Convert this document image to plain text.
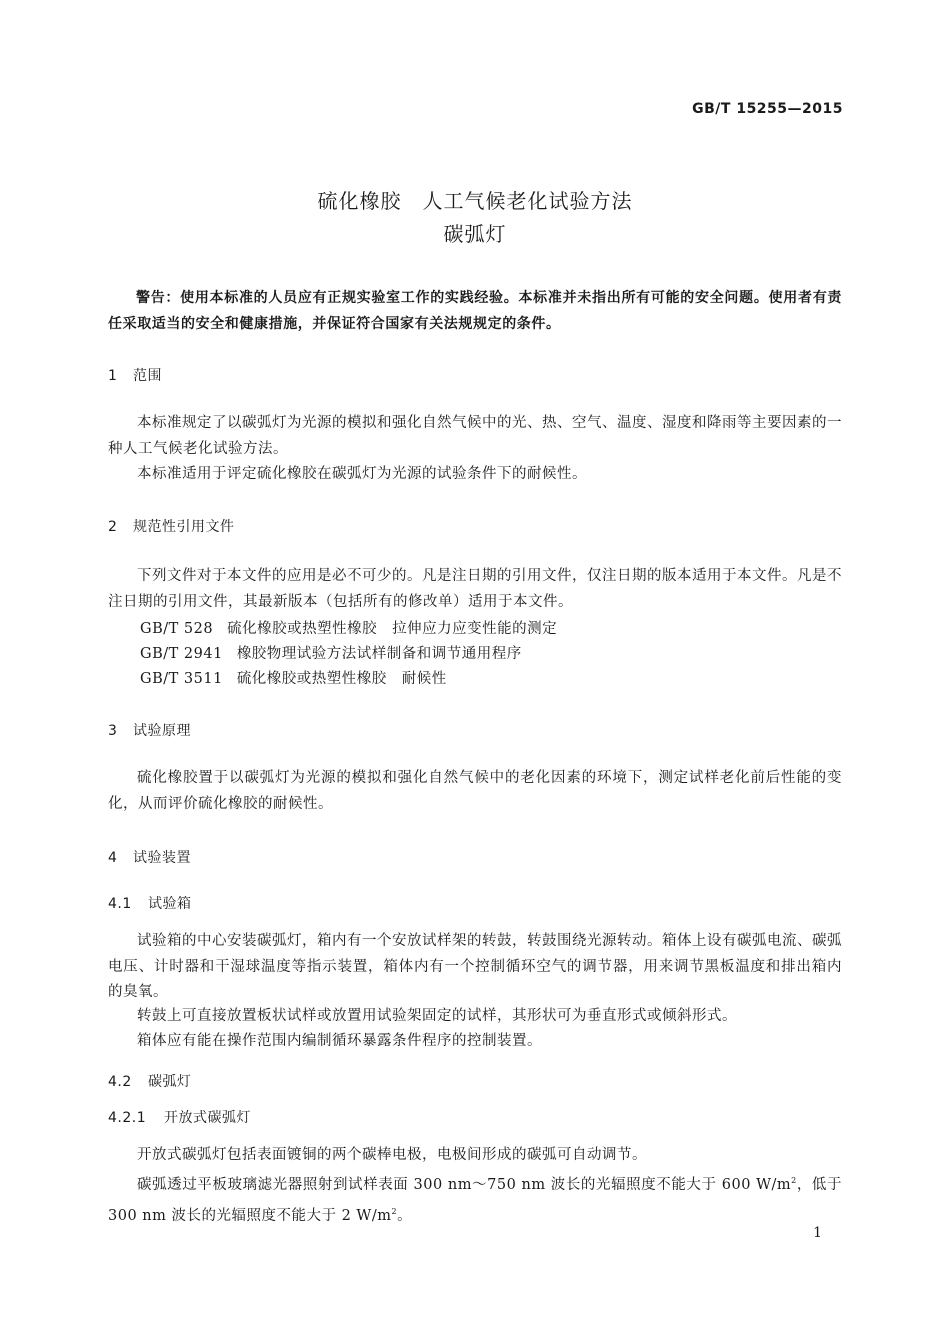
GB/T 15255—2015
硫化橡胶　人工气候老化试验方法
碳弧灯

警告：使用本标准的人员应有正规实验室工作的实践经验。本标准并未指出所有可能的安全问题。使用者有责任采取适当的安全和健康措施，并保证符合国家有关法规规定的条件。

1 范围

本标准规定了以碳弧灯为光源的模拟和强化自然气候中的光、热、空气、温度、湿度和降雨等主要因素的一种人工气候老化试验方法。

本标准适用于评定硫化橡胶在碳弧灯为光源的试验条件下的耐候性。

2 规范性引用文件

下列文件对于本文件的应用是必不可少的。凡是注日期的引用文件，仅注日期的版本适用于本文件。凡是不注日期的引用文件，其最新版本（包括所有的修改单）适用于本文件。

GB/T 528 硫化橡胶或热塑性橡胶　拉伸应力应变性能的测定
GB/T 2941 橡胶物理试验方法试样制备和调节通用程序
GB/T 3511 硫化橡胶或热塑性橡胶　耐候性
3 试验原理

硫化橡胶置于以碳弧灯为光源的模拟和强化自然气候中的老化因素的环境下，测定试样老化前后性能的变化，从而评价硫化橡胶的耐候性。

4 试验装置
4.1 试验箱

试验箱的中心安装碳弧灯，箱内有一个安放试样架的转鼓，转鼓围绕光源转动。箱体上设有碳弧电流、碳弧电压、计时器和干湿球温度等指示装置，箱体内有一个控制循环空气的调节器，用来调节黑板温度和排出箱内的臭氧。

转鼓上可直接放置板状试样或放置用试验架固定的试样，其形状可为垂直形式或倾斜形式。

箱体应有能在操作范围内编制循环暴露条件程序的控制装置。

4.2 碳弧灯
4.2.1 开放式碳弧灯

开放式碳弧灯包括表面镀铜的两个碳棒电极，电极间形成的碳弧可自动调节。

碳弧透过平板玻璃滤光器照射到试样表面 300 nm～750 nm 波长的光辐照度不能大于 600 $W/m^2$，低于 300 nm 波长的光辐照度不能大于 2 $W/m^2$。

1
